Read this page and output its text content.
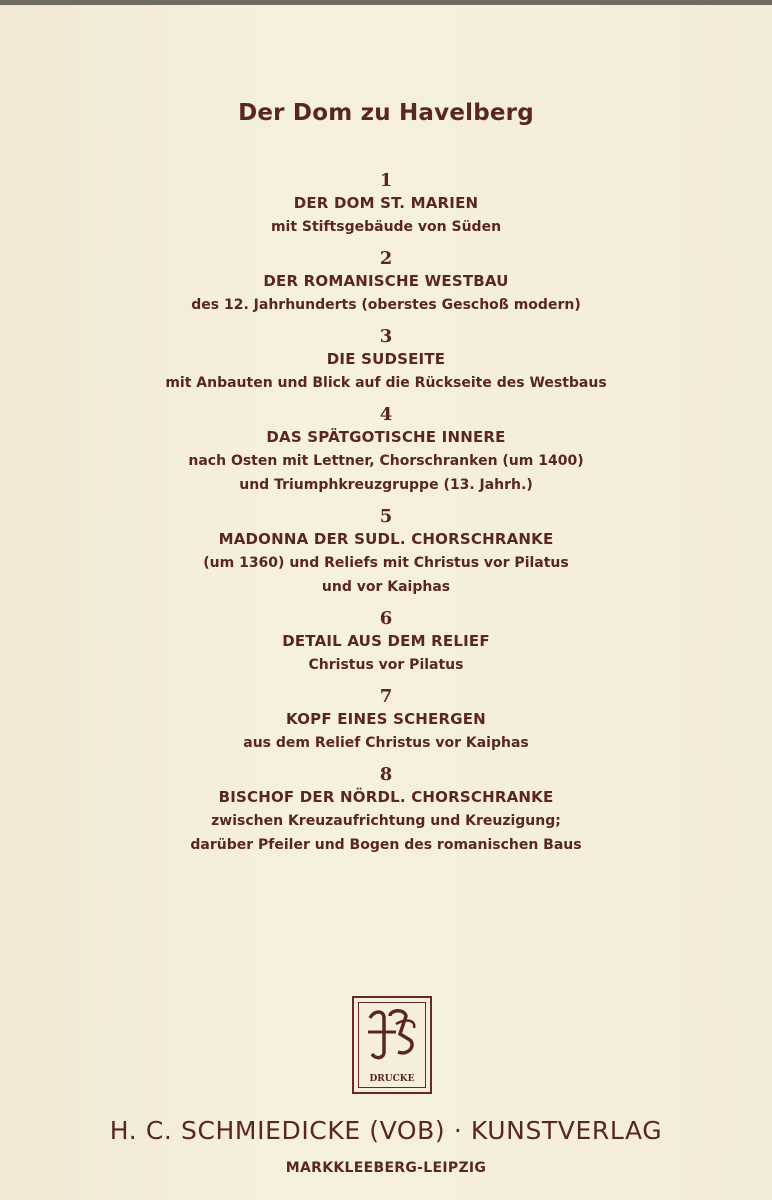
Der Dom zu Havelberg
1
DER DOM ST. MARIEN
mit Stiftsgebäude von Süden
2
DER ROMANISCHE WESTBAU
des 12. Jahrhunderts (oberstes Geschoß modern)
3
DIE SUDSEITE
mit Anbauten und Blick auf die Rückseite des Westbaus
4
DAS SPÄTGOTISCHE INNERE
nach Osten mit Lettner, Chorschranken (um 1400)
und Triumphkreuzgruppe (13. Jahrh.)
5
MADONNA DER SUDL. CHORSCHRANKE
(um 1360) und Reliefs mit Christus vor Pilatus
und vor Kaiphas
6
DETAIL AUS DEM RELIEF
Christus vor Pilatus
7
KOPF EINES SCHERGEN
aus dem Relief Christus vor Kaiphas
8
BISCHOF DER NÖRDL. CHORSCHRANKE
zwischen Kreuzaufrichtung und Kreuzigung;
darüber Pfeiler und Bogen des romanischen Baus
DRUCKE
H. C. SCHMIEDICKE (VOB) · KUNSTVERLAG
MARKKLEEBERG-LEIPZIG
